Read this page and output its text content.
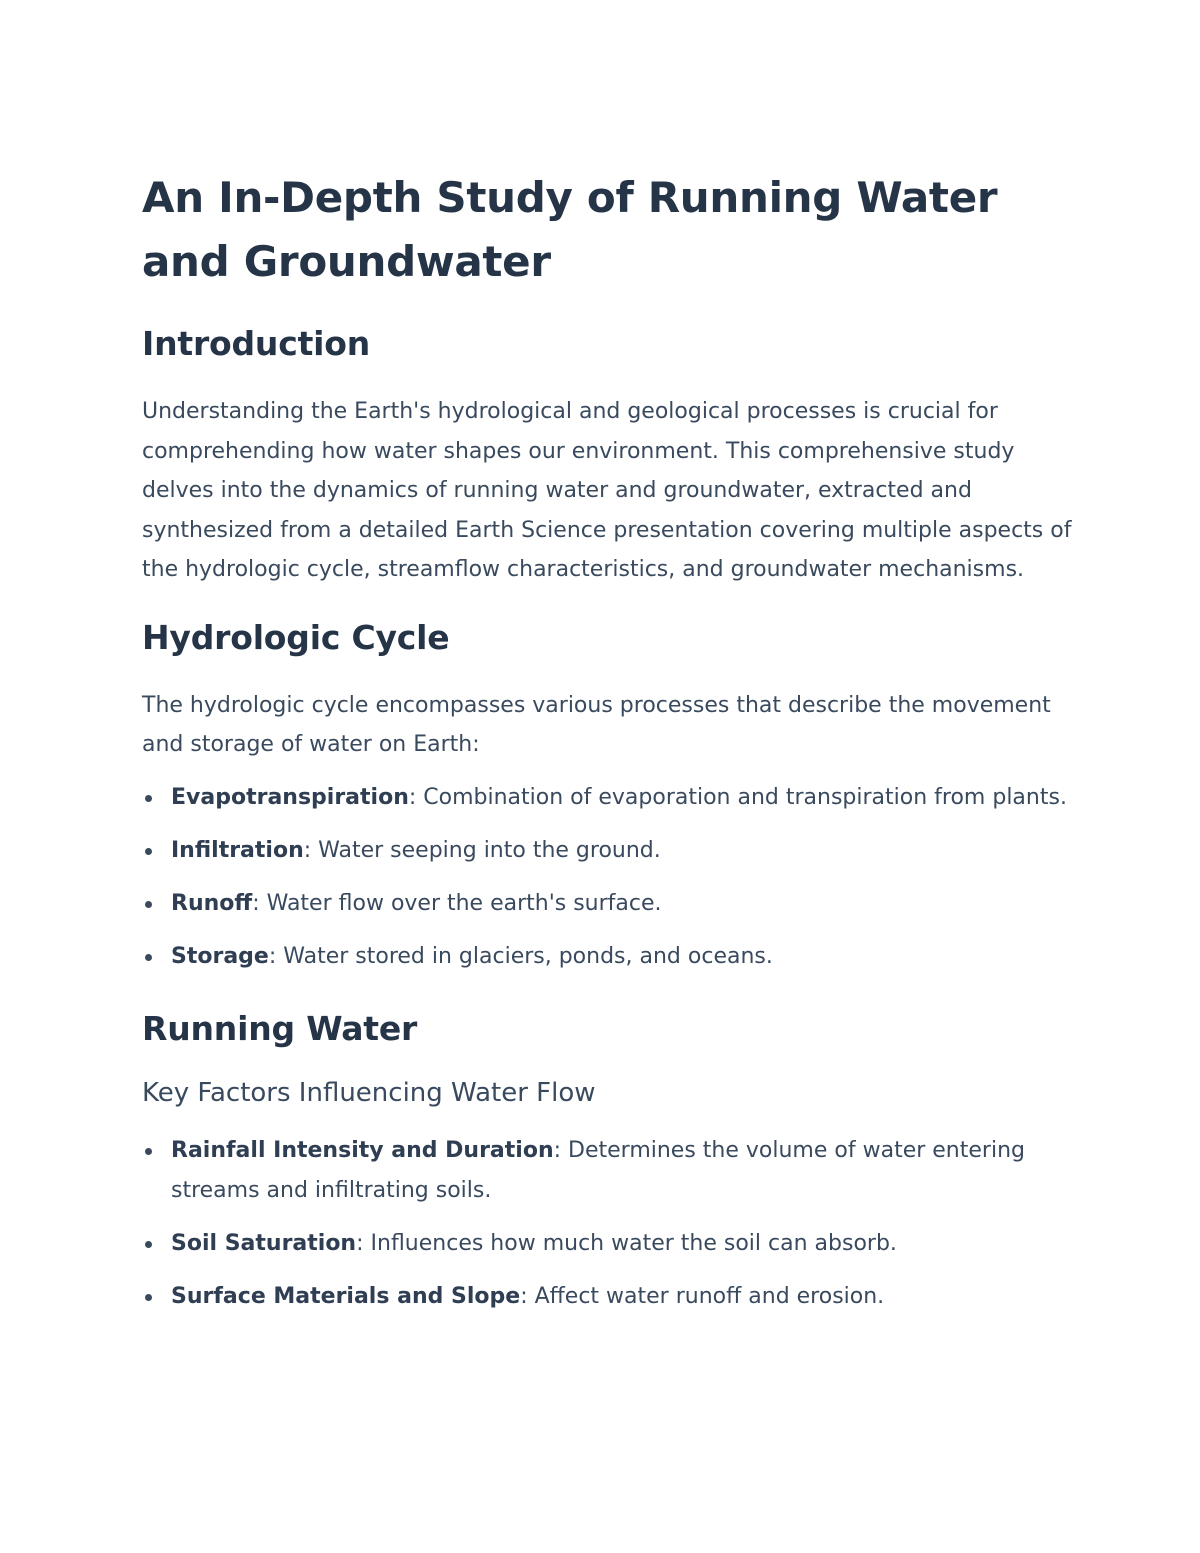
An In-Depth Study of Running Water and Groundwater
Introduction

Understanding the Earth's hydrological and geological processes is crucial for comprehending how water shapes our environment. This comprehensive study delves into the dynamics of running water and groundwater, extracted and synthesized from a detailed Earth Science presentation covering multiple aspects of the hydrologic cycle, streamflow characteristics, and groundwater mechanisms.

Hydrologic Cycle

The hydrologic cycle encompasses various processes that describe the movement and storage of water on Earth:

Evapotranspiration: Combination of evaporation and transpiration from plants.
Infiltration: Water seeping into the ground.
Runoff: Water flow over the earth's surface.
Storage: Water stored in glaciers, ponds, and oceans.
Running Water
Key Factors Influencing Water Flow
Rainfall Intensity and Duration: Determines the volume of water entering streams and infiltrating soils.
Soil Saturation: Influences how much water the soil can absorb.
Surface Materials and Slope: Affect water runoff and erosion.
